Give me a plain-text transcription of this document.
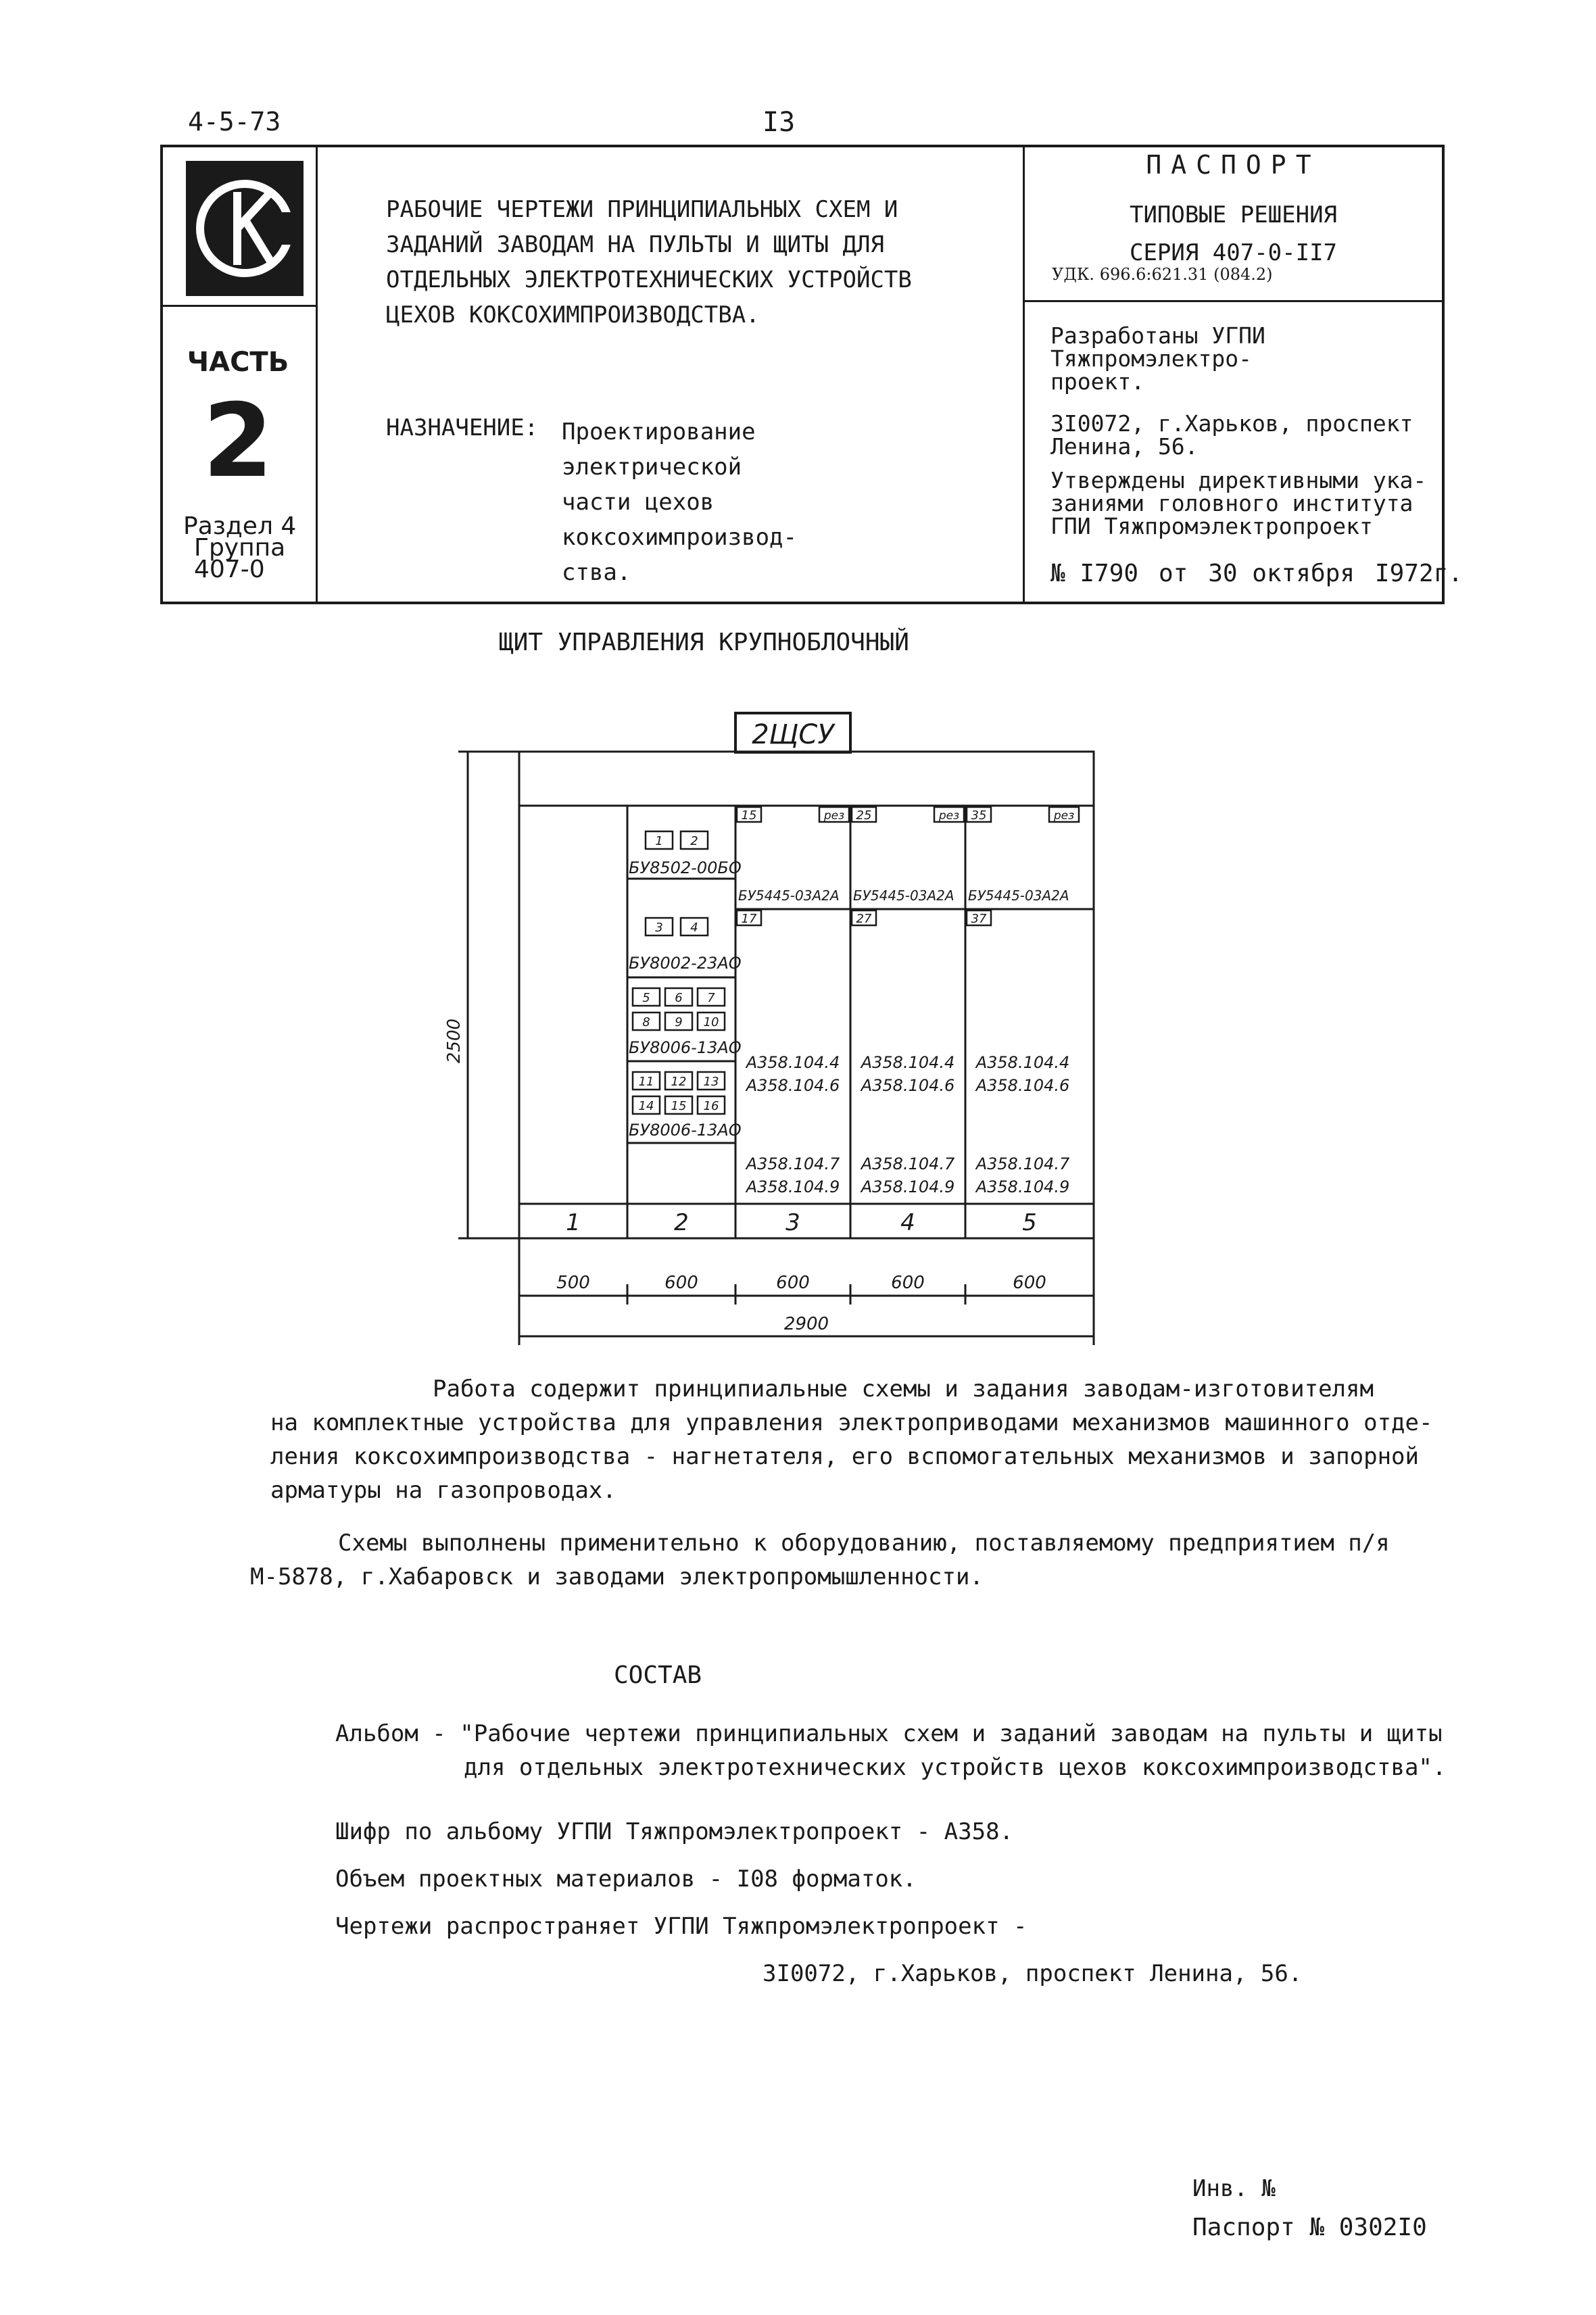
4-5-73	I3
ЧАСТЬ
2
Раздел 4
Группа
407-0
РАБОЧИЕ ЧЕРТЕЖИ ПРИНЦИПИАЛЬНЫХ СХЕМ И
ЗАДАНИЙ ЗАВОДАМ НА ПУЛЬТЫ И ЩИТЫ ДЛЯ
ОТДЕЛЬНЫХ ЭЛЕКТРОТЕХНИЧЕСКИХ УСТРОЙСТВ
ЦЕХОВ КОКСОХИМПРОИЗВОДСТВА.
НАЗНАЧЕНИЕ: Проектирование электрической
части цехов коксохимпроизвод-
ства.
ПАСПОРТ
ТИПОВЫЕ РЕШЕНИЯ
СЕРИЯ 407-0-II7
УДК. 696.6:621.31 (084.2)
Разработаны УГПИ Тяжпромэлектро-
проект.
3I0072, г.Харьков, проспект
Ленина, 56.
Утверждены директивными ука-
заниями головного института
ГПИ Тяжпромэлектропроект
№ I790 от 30 октября I972г.
ЩИТ УПРАВЛЕНИЯ КРУПНОБЛОЧНЫЙ
1 2
3 4
5 6 7
8 9 10
11 12 13
14 15 16
2ЩСУ
2500
БУ8502-00БО
БУ8002-23АО
БУ8006-13АО
БУ8006-13АО
15	рез
БУ5445-03А2А
17
А358.104.4
А358.104.6
А358.104.7
А358.104.9
25	рез
БУ5445-03А2А
27
А358.104.4
А358.104.6
А358.104.7
А358.104.9
35	рез
БУ5445-03А2А
37
А358.104.4
А358.104.6
А358.104.7
А358.104.9
1	2	3	4	5
500	600	600	600	600
2900
Работа содержит принципиальные схемы и задания заводам-изготовителям
на комплектные устройства для управления электроприводами механизмов машинного отде-
ления коксохимпроизводства - нагнетателя, его вспомогательных механизмов и запорной
арматуры на газопроводах.
Схемы выполнены применительно к оборудованию, поставляемому предприятием п/я
М-5878, г.Хабаровск и заводами электропромышленности.
СОСТАВ
Альбом - "Рабочие чертежи принципиальных схем и заданий заводам на пульты и щиты
для отдельных электротехнических устройств цехов коксохимпроизводства".
Шифр по альбому УГПИ Тяжпромэлектропроект - А358.
Объем проектных материалов - I08 форматок.
Чертежи распространяет УГПИ Тяжпромэлектропроект -
3I0072, г.Харьков, проспект Ленина, 56.
Инв. №
Паспорт № 0302I0
